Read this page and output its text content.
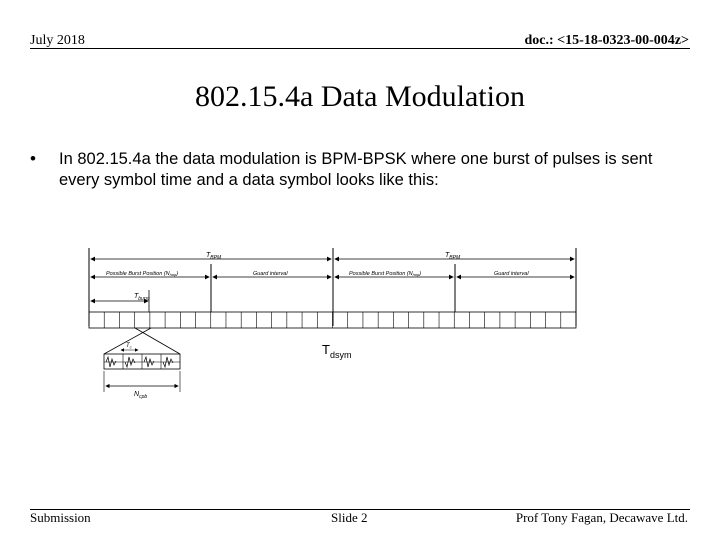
July 2018	doc.: <15-18-0323-00-004z>
802.15.4a Data Modulation
• In 802.15.4a the data modulation is BPM-BPSK where one burst of pulses is sent every symbol time and a data symbol looks like this:
$T_{BPM}$	$T_{BPM}$
Possible Burst Position (Nhop)	Guard interval	Possible Burst Position (Nhop)	Guard interval
$T_{burst}$
$T_{dsym}$
$T_c$
$N_{cpb}$
Submission	Slide 2	Prof Tony Fagan, Decawave Ltd.
